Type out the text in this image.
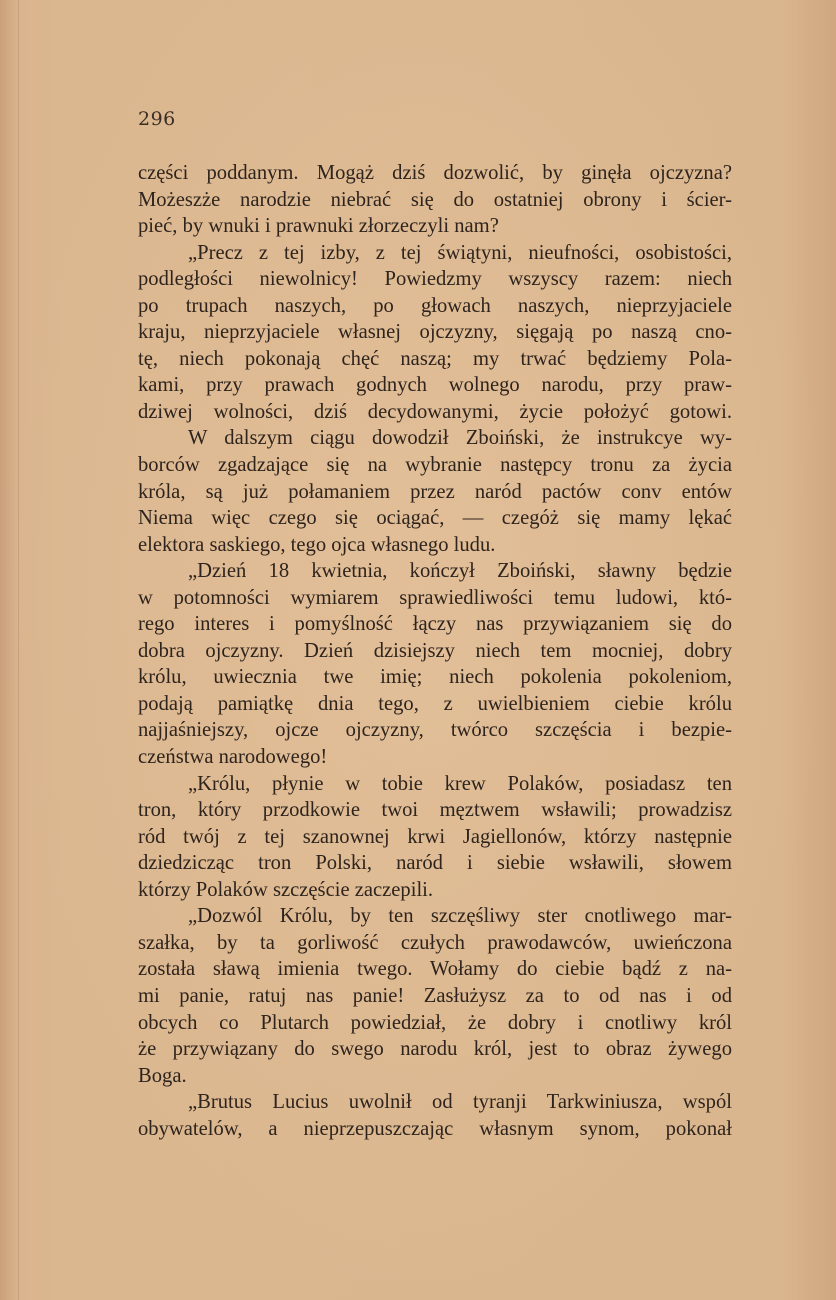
296
części poddanym. Mogąż dziś dozwolić, by ginęła ojczyzna?
Możeszże narodzie niebrać się do ostatniej obrony i ścier-
pieć, by wnuki i prawnuki złorzeczyli nam?
„Precz z tej izby, z tej świątyni, nieufności, osobistości,
podległości niewolnicy! Powiedzmy wszyscy razem: niech
po trupach naszych, po głowach naszych, nieprzyjaciele
kraju, nieprzyjaciele własnej ojczyzny, sięgają po naszą cno-
tę, niech pokonają chęć naszą; my trwać będziemy Pola-
kami, przy prawach godnych wolnego narodu, przy praw-
dziwej wolności, dziś decydowanymi, życie położyć gotowi.
W dalszym ciągu dowodził Zboiński, że instrukcye wy-
borców zgadzające się na wybranie następcy tronu za życia
króla, są już połamaniem przez naród pactów conv entów
Niema więc czego się ociągać, — czegóż się mamy lękać
elektora saskiego, tego ojca własnego ludu.
„Dzień 18 kwietnia, kończył Zboiński, sławny będzie
w potomności wymiarem sprawiedliwości temu ludowi, któ-
rego interes i pomyślność łączy nas przywiązaniem się do
dobra ojczyzny. Dzień dzisiejszy niech tem mocniej, dobry
królu, uwiecznia twe imię; niech pokolenia pokoleniom,
podają pamiątkę dnia tego, z uwielbieniem ciebie królu
najjaśniejszy, ojcze ojczyzny, twórco szczęścia i bezpie-
czeństwa narodowego!
„Królu, płynie w tobie krew Polaków, posiadasz ten
tron, który przodkowie twoi męztwem wsławili; prowadzisz
ród twój z tej szanownej krwi Jagiellonów, którzy następnie
dziedzicząc tron Polski, naród i siebie wsławili, słowem
którzy Polaków szczęście zaczepili.
„Dozwól Królu, by ten szczęśliwy ster cnotliwego mar-
szałka, by ta gorliwość czułych prawodawców, uwieńczona
została sławą imienia twego. Wołamy do ciebie bądź z na-
mi panie, ratuj nas panie! Zasłużysz za to od nas i od
obcych co Plutarch powiedział, że dobry i cnotliwy król
że przywiązany do swego narodu król, jest to obraz żywego
Boga.
„Brutus Lucius uwolnił od tyranji Tarkwiniusza, wspól
obywatelów, a nieprzepuszczając własnym synom, pokonał
